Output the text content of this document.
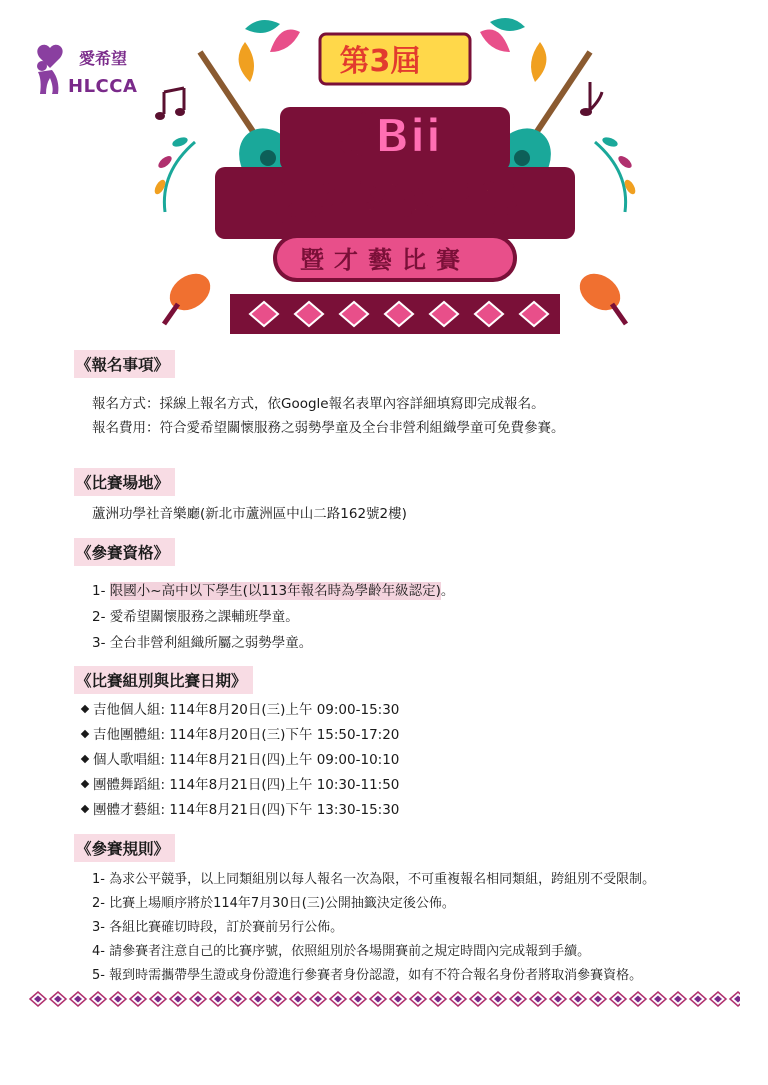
愛希望
HLCCA
第3屆
尋Bii
圓夢吉他彈唱
暨才藝比賽
《報名事項》
報名方式：採線上報名方式，依Google報名表單內容詳細填寫即完成報名。
報名費用：符合愛希望關懷服務之弱勢學童及全台非營利組織學童可免費參賽。
《比賽場地》
蘆洲功學社音樂廳(新北市蘆洲區中山二路162號2樓)
《參賽資格》
1- 限國小~高中以下學生(以113年報名時為學齡年級認定)。
2- 愛希望關懷服務之課輔班學童。
3- 全台非營利組織所屬之弱勢學童。
《比賽組別與比賽日期》
吉他個人組: 114年8月20日(三)上午 09:00-15:30
吉他團體組: 114年8月20日(三)下午 15:50-17:20
個人歌唱組: 114年8月21日(四)上午 09:00-10:10
團體舞蹈組: 114年8月21日(四)上午 10:30-11:50
團體才藝組: 114年8月21日(四)下午 13:30-15:30
《參賽規則》
1- 為求公平競爭，以上同類組別以每人報名一次為限，不可重複報名相同類組，跨組別不受限制。
2- 比賽上場順序將於114年7月30日(三)公開抽籤決定後公佈。
3- 各組比賽確切時段，訂於賽前另行公佈。
4- 請參賽者注意自己的比賽序號，依照組別於各場開賽前之規定時間內完成報到手續。
5- 報到時需攜帶學生證或身份證進行參賽者身份認證，如有不符合報名身份者將取消參賽資格。
